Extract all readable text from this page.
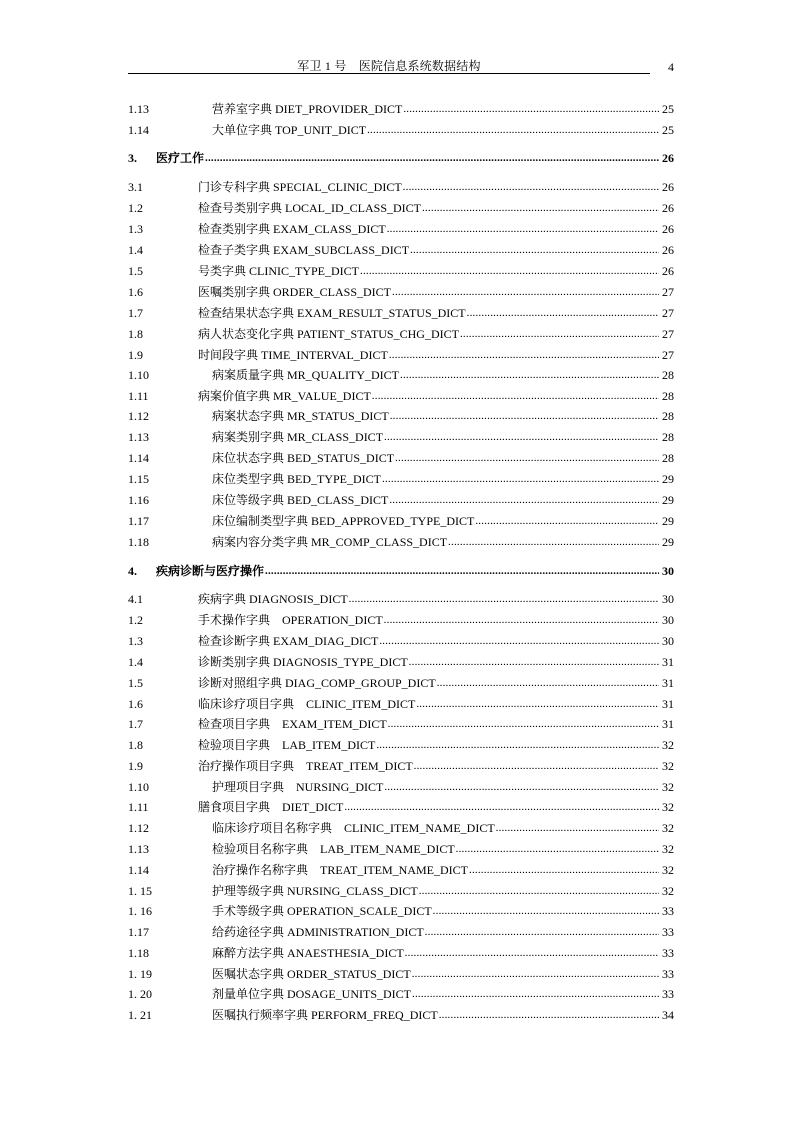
军卫 1 号　医院信息系统数据结构	4
1.13	营养室字典 DIET_PROVIDER_DICT .....	25
1.14	大单位字典 TOP_UNIT_DICT .....	25
3.	医疗工作 .....	26
3.1	门诊专科字典 SPECIAL_CLINIC_DICT .....	26
1.2	检查号类别字典 LOCAL_ID_CLASS_DICT .....	26
1.3	检查类别字典 EXAM_CLASS_DICT .....	26
1.4	检查子类字典 EXAM_SUBCLASS_DICT .....	26
1.5	号类字典 CLINIC_TYPE_DICT .....	26
1.6	医嘱类别字典 ORDER_CLASS_DICT .....	27
1.7	检查结果状态字典 EXAM_RESULT_STATUS_DICT .....	27
1.8	病人状态变化字典 PATIENT_STATUS_CHG_DICT .....	27
1.9	时间段字典 TIME_INTERVAL_DICT .....	27
1.10	病案质量字典 MR_QUALITY_DICT .....	28
1.11	病案价值字典 MR_VALUE_DICT .....	28
1.12	病案状态字典 MR_STATUS_DICT .....	28
1.13	病案类别字典 MR_CLASS_DICT .....	28
1.14	床位状态字典 BED_STATUS_DICT .....	28
1.15	床位类型字典 BED_TYPE_DICT .....	29
1.16	床位等级字典 BED_CLASS_DICT .....	29
1.17	床位编制类型字典 BED_APPROVED_TYPE_DICT .....	29
1.18	病案内容分类字典 MR_COMP_CLASS_DICT .....	29
4.	疾病诊断与医疗操作 .....	30
4.1	疾病字典 DIAGNOSIS_DICT .....	30
1.2	手术操作字典　OPERATION_DICT .....	30
1.3	检查诊断字典 EXAM_DIAG_DICT .....	30
1.4	诊断类别字典 DIAGNOSIS_TYPE_DICT .....	31
1.5	诊断对照组字典 DIAG_COMP_GROUP_DICT .....	31
1.6	临床诊疗项目字典　CLINIC_ITEM_DICT .....	31
1.7	检查项目字典　EXAM_ITEM_DICT .....	31
1.8	检验项目字典　LAB_ITEM_DICT .....	32
1.9	治疗操作项目字典　TREAT_ITEM_DICT .....	32
1.10	护理项目字典　NURSING_DICT .....	32
1.11	膳食项目字典　DIET_DICT .....	32
1.12	临床诊疗项目名称字典　CLINIC_ITEM_NAME_DICT .....	32
1.13	检验项目名称字典　LAB_ITEM_NAME_DICT .....	32
1.14	治疗操作名称字典　TREAT_ITEM_NAME_DICT .....	32
1. 15	护理等级字典 NURSING_CLASS_DICT .....	32
1. 16	手术等级字典 OPERATION_SCALE_DICT .....	33
1.17	给药途径字典 ADMINISTRATION_DICT .....	33
1.18	麻醉方法字典 ANAESTHESIA_DICT .....	33
1. 19	医嘱状态字典 ORDER_STATUS_DICT .....	33
1. 20	剂量单位字典 DOSAGE_UNITS_DICT .....	33
1. 21	医嘱执行频率字典 PERFORM_FREQ_DICT .....	34
